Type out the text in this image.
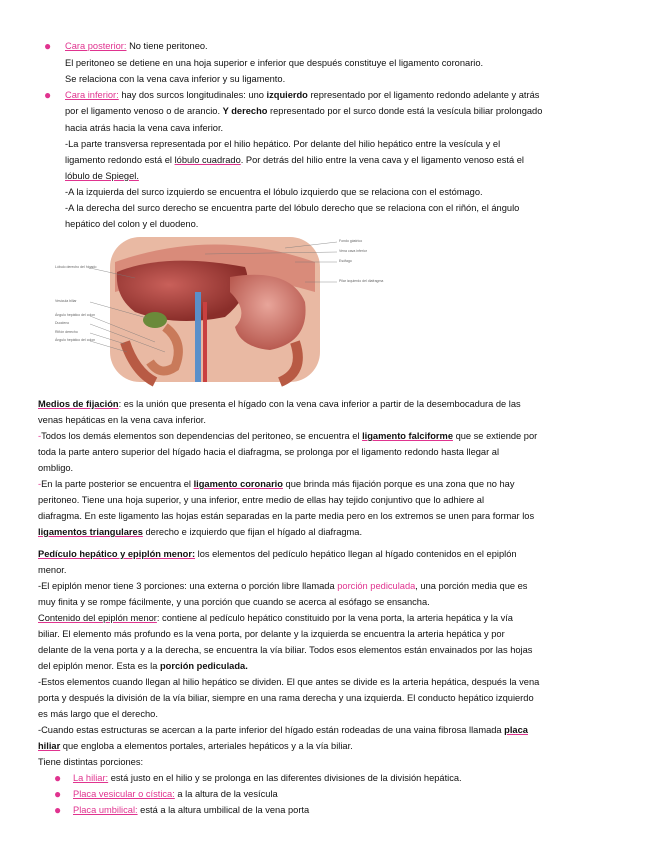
● Cara posterior: No tiene peritoneo.
El peritoneo se detiene en una hoja superior e inferior que después constituye el ligamento coronario.
Se relaciona con la vena cava inferior y su ligamento.
● Cara inferior: hay dos surcos longitudinales: uno izquierdo representado por el ligamento redondo adelante y atrás
por el ligamento venoso o de arancio. Y derecho representado por el surco donde está la vesícula biliar prolongado
hacia atrás hacia la vena cava inferior.
-La parte transversa representada por el hilio hepático. Por delante del hilio hepático entre la vesícula y el
ligamento redondo está el lóbulo cuadrado. Por detrás del hilio entre la vena cava y el ligamento venoso está el
lóbulo de Spiegel.
-A la izquierda del surco izquierdo se encuentra el lóbulo izquierdo que se relaciona con el estómago.
-A la derecha del surco derecho se encuentra parte del lóbulo derecho que se relaciona con el riñón, el ángulo
hepático del colon y el duodeno.
Lóbulo derecho del hígado
Vesícula biliar
Ángulo hepático del colon
Duodeno
Riñón derecho
Ángulo hepático del colon
Fondo gástrico
Vena cava inferior
Esófago
Pilar izquierdo del diafragma
Medios de fijación: es la unión que presenta el hígado con la vena cava inferior a partir de la desembocadura de las
venas hepáticas en la vena cava inferior.
-Todos los demás elementos son dependencias del peritoneo, se encuentra el ligamento falciforme que se extiende por
toda la parte antero superior del hígado hacia el diafragma, se prolonga por el ligamento redondo hasta llegar al
ombligo.
-En la parte posterior se encuentra el ligamento coronario que brinda más fijación porque es una zona que no hay
peritoneo. Tiene una hoja superior, y una inferior, entre medio de ellas hay tejido conjuntivo que lo adhiere al
diafragma. En este ligamento las hojas están separadas en la parte media pero en los extremos se unen para formar los
ligamentos triangulares derecho e izquierdo que fijan el hígado al diafragma.
Pedículo hepático y epiplón menor: los elementos del pedículo hepático llegan al hígado contenidos en el epiplón
menor.
-El epiplón menor tiene 3 porciones: una externa o porción libre llamada porción pediculada, una porción media que es
muy finita y se rompe fácilmente, y una porción que cuando se acerca al esófago se ensancha.
Contenido del epiplón menor: contiene al pedículo hepático constituido por la vena porta, la arteria hepática y la vía
biliar. El elemento más profundo es la vena porta, por delante y la izquierda se encuentra la arteria hepática y por
delante de la vena porta y a la derecha, se encuentra la vía biliar. Todos esos elementos están envainados por las hojas
del epiplón menor. Esta es la porción pediculada.
-Estos elementos cuando llegan al hilio hepático se dividen. El que antes se divide es la arteria hepática, después la vena
porta y después la división de la vía biliar, siempre en una rama derecha y una izquierda. El conducto hepático izquierdo
es más largo que el derecho.
-Cuando estas estructuras se acercan a la parte inferior del hígado están rodeadas de una vaina fibrosa llamada placa
hiliar que engloba a elementos portales, arteriales hepáticos y a la vía biliar.
Tiene distintas porciones:
● La hiliar: está justo en el hilio y se prolonga en las diferentes divisiones de la división hepática.
● Placa vesicular o cística: a la altura de la vesícula
● Placa umbilical: está a la altura umbilical de la vena porta
